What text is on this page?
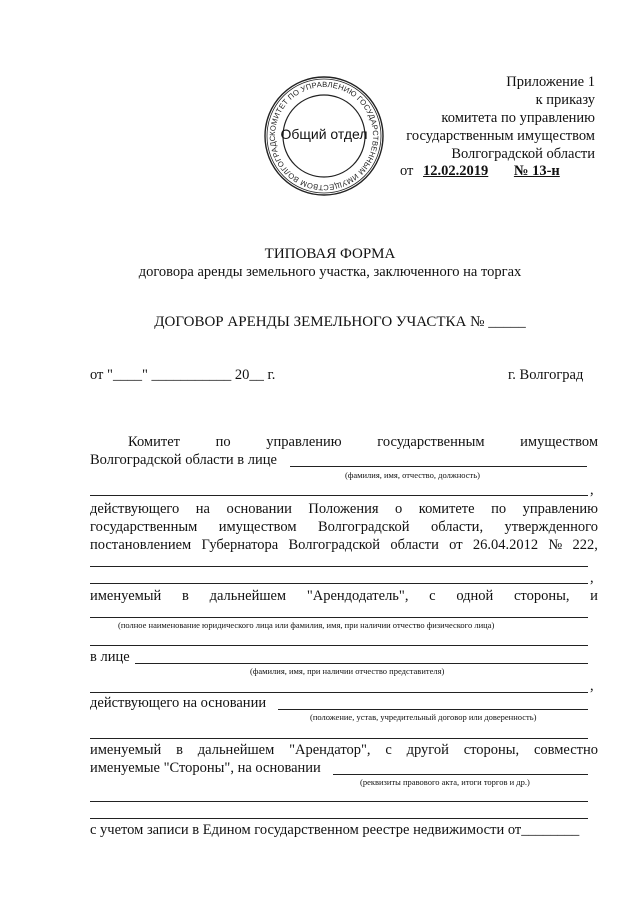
КОМИТЕТ ПО УПРАВЛЕНИЮ ГОСУДАРСТВЕННЫМ ИМУЩЕСТВОМ ВОЛГОГРАДС Общий отдел
Приложение 1
к приказу
комитета по управлению
государственным имуществом
Волгоградской области
от 12.02.2019 № 13-н
ТИПОВАЯ ФОРМА
договора аренды земельного участка, заключенного на торгах
ДОГОВОР АРЕНДЫ ЗЕМЕЛЬНОГО УЧАСТКА № _____
от "____" ___________ 20__ г.	г. Волгоград
Комитет по управлению государственным имуществом
Волгоградской области в лице
(фамилия, имя, отчество, должность)
,
действующего на основании Положения о комитете по управлению
государственным имуществом Волгоградской области, утвержденного
постановлением Губернатора Волгоградской области от 26.04.2012 № 222,
,
именуемый в дальнейшем "Арендодатель", с одной стороны, и
(полное наименование юридического лица или фамилия, имя, при наличии отчество физического лица)
в лице
(фамилия, имя, при наличии отчество представителя)
,
действующего на основании
(положение, устав, учредительный договор или доверенность)
именуемый в дальнейшем "Арендатор", с другой стороны, совместно
именуемые "Стороны", на основании
(реквизиты правового акта, итоги торгов и др.)
с учетом записи в Едином государственном реестре недвижимости от________
